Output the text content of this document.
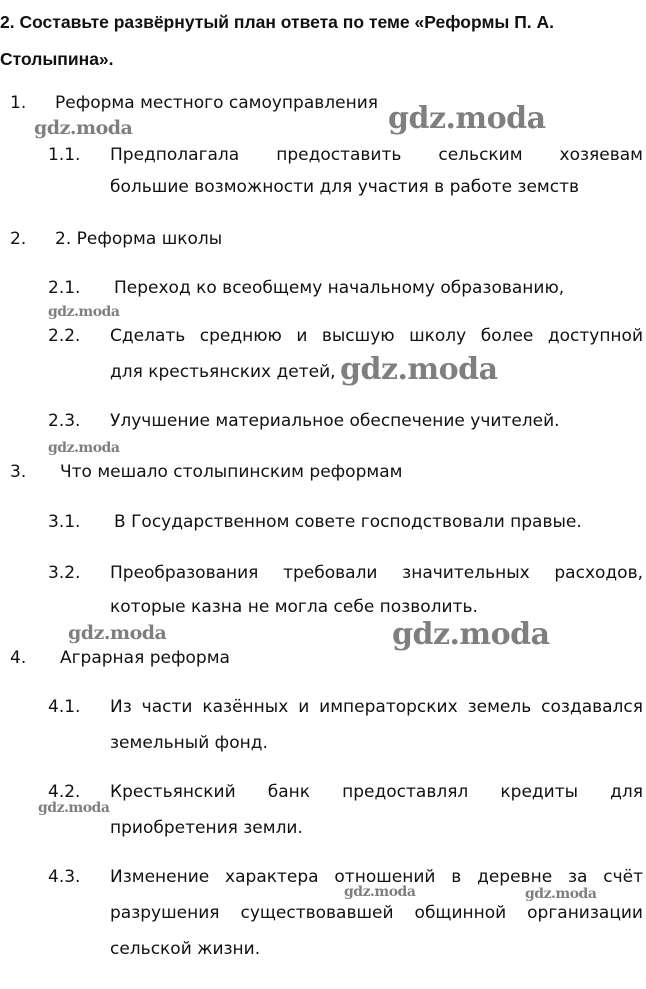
2. Составьте развёрнутый план ответа по теме «Реформы П. А. Столыпина».
1. Реформа местного самоуправления
1.1. Предполагала предоставить сельским хозяевам
большие возможности для участия в работе земств
2. 2. Реформа школы
2.1. Переход ко всеобщему начальному образованию,
2.2. Сделать среднюю и высшую школу более доступной
для крестьянских детей,
2.3. Улучшение материальное обеспечение учителей.
3. Что мешало столыпинским реформам
3.1. В Государственном совете господствовали правые.
3.2. Преобразования требовали значительных расходов,
которые казна не могла себе позволить.
4. Аграрная реформа
4.1. Из части казённых и императорских земель создавался
земельный фонд.
4.2. Крестьянский банк предоставлял кредиты для
приобретения земли.
4.3. Изменение характера отношений в деревне за счёт
разрушения существовавшей общинной организации
сельской жизни.
gdz.moda	gdz.moda
gdz.moda
gdz.moda
gdz.moda
gdz.moda	gdz.moda
gdz.moda
gdz.moda	gdz.moda
